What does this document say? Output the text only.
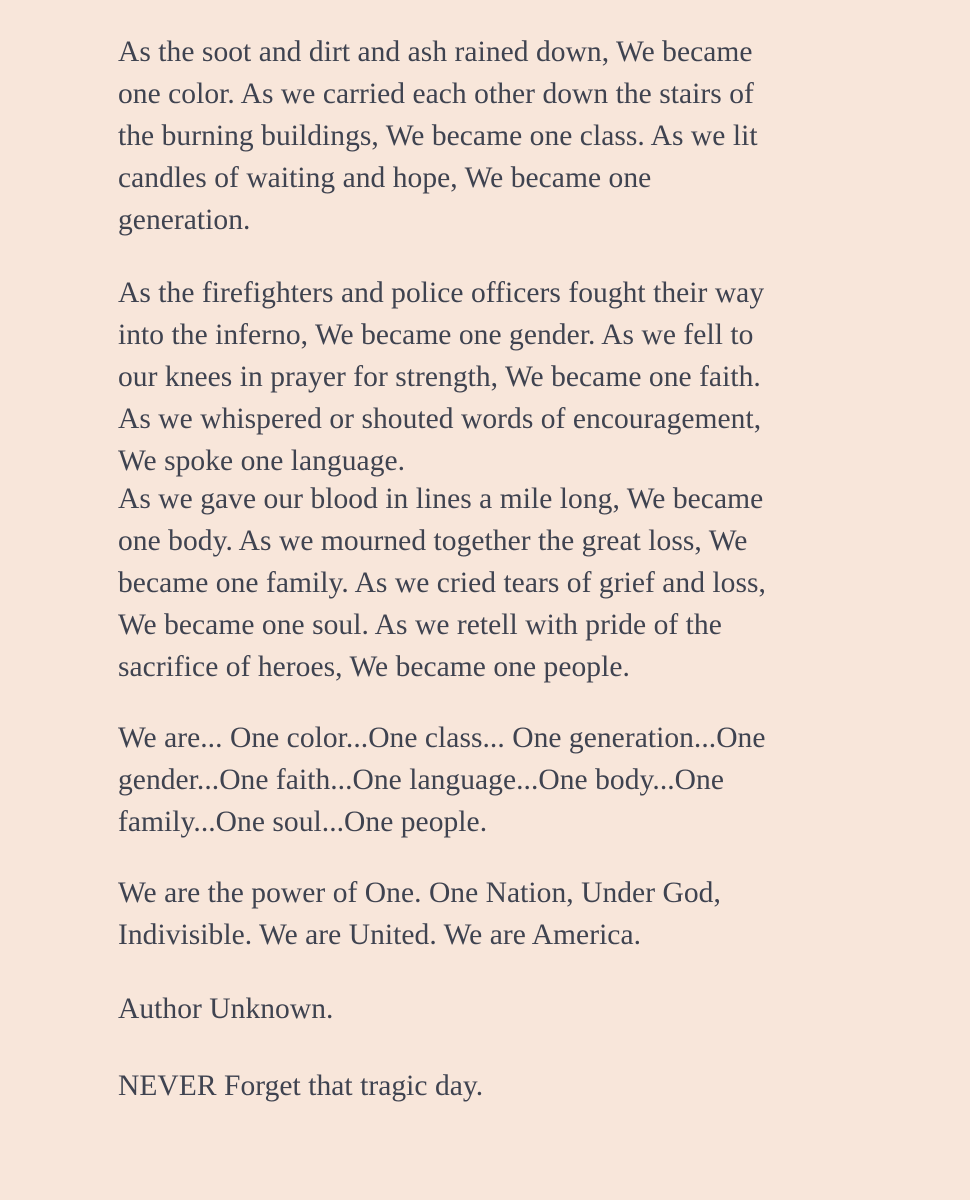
As the soot and dirt and ash rained down, We became
one color. As we carried each other down the stairs of
the burning buildings, We became one class. As we lit
candles of waiting and hope, We became one
generation.

As the firefighters and police officers fought their way
into the inferno, We became one gender. As we fell to
our knees in prayer for strength, We became one faith.
As we whispered or shouted words of encouragement,
We spoke one language.

As we gave our blood in lines a mile long, We became
one body. As we mourned together the great loss, We
became one family. As we cried tears of grief and loss,
We became one soul. As we retell with pride of the
sacrifice of heroes, We became one people.

We are... One color...One class... One generation...One
gender...One faith...One language...One body...One
family...One soul...One people.

We are the power of One. One Nation, Under God,
Indivisible. We are United. We are America.

Author Unknown.

NEVER Forget that tragic day.
